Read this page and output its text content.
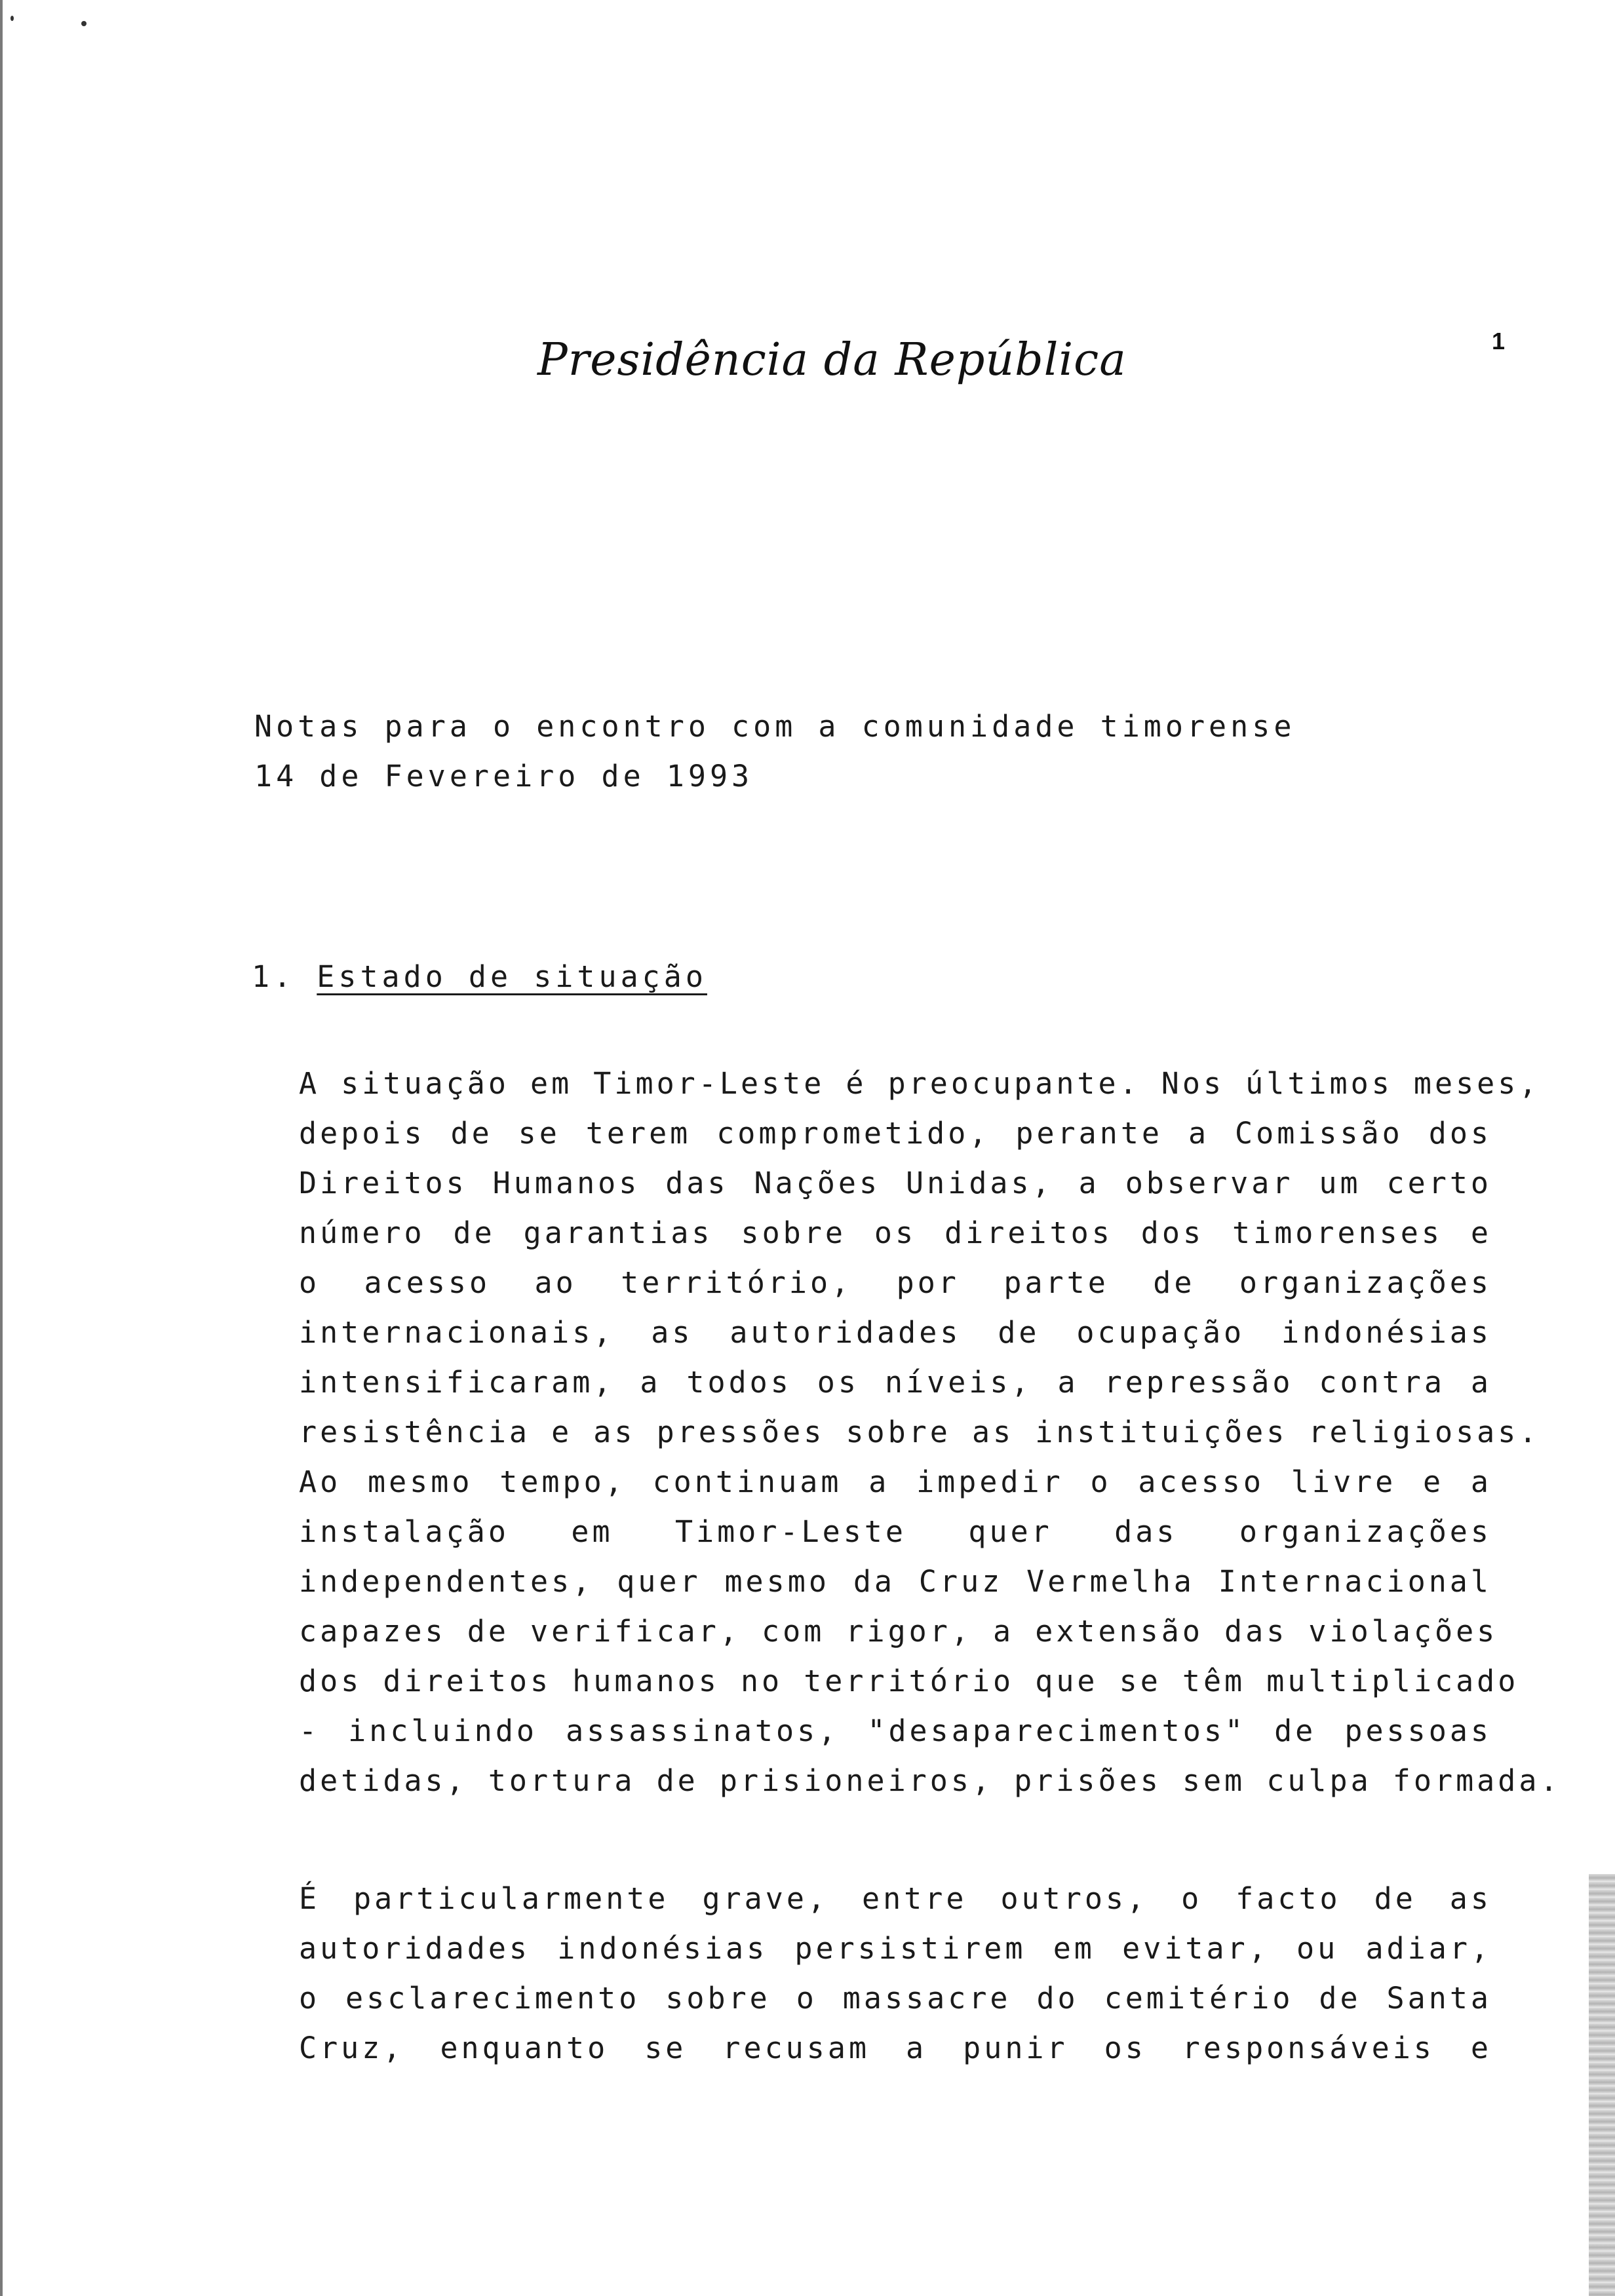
Presidência da República	1
Notas para o encontro com a comunidade timorense
14 de Fevereiro de 1993
1. Estado de situação
A situação em Timor-Leste é preocupante. Nos últimos meses,
depois de se terem comprometido, perante a Comissão dos
Direitos Humanos das Nações Unidas, a observar um certo
número de garantias sobre os direitos dos timorenses e
o acesso ao território, por parte de organizações
internacionais, as autoridades de ocupação indonésias
intensificaram, a todos os níveis, a repressão contra a
resistência e as pressões sobre as instituições religiosas.
Ao mesmo tempo, continuam a impedir o acesso livre e a
instalação em Timor-Leste quer das organizações
independentes, quer mesmo da Cruz Vermelha Internacional
capazes de verificar, com rigor, a extensão das violações
dos direitos humanos no território que se têm multiplicado
- incluindo assassinatos, "desaparecimentos" de pessoas
detidas, tortura de prisioneiros, prisões sem culpa formada.
É particularmente grave, entre outros, o facto de as
autoridades indonésias persistirem em evitar, ou adiar,
o esclarecimento sobre o massacre do cemitério de Santa
Cruz, enquanto se recusam a punir os responsáveis e
